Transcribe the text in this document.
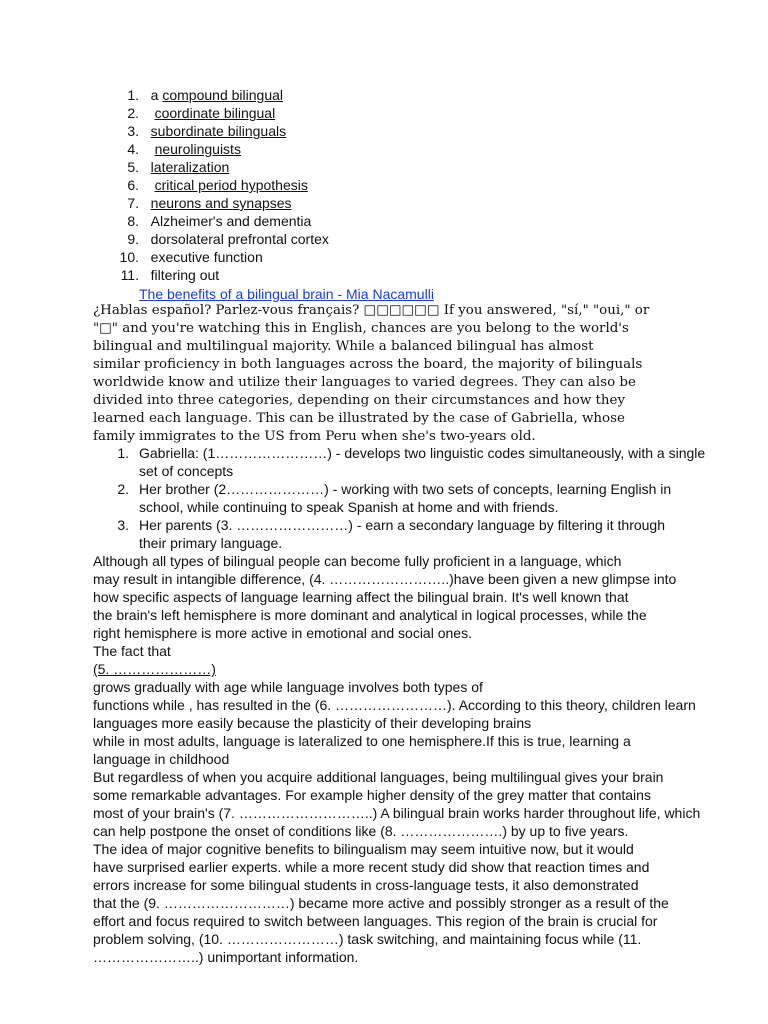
1. a compound bilingual
2. coordinate bilingual
3. subordinate bilinguals
4. neurolinguists
5. lateralization
6. critical period hypothesis
7. neurons and synapses
8. Alzheimer's and dementia
9. dorsolateral prefrontal cortex
10. executive function
11. filtering out
The benefits of a bilingual brain - Mia Nacamulli

¿Hablas español? Parlez-vous français? □□□□□□ If you answered, "sí," "oui," or
"□" and you're watching this in English, chances are you belong to the world's
bilingual and multilingual majority. While a balanced bilingual has almost
similar proficiency in both languages across the board, the majority of bilinguals
worldwide know and utilize their languages to varied degrees. They can also be
divided into three categories, depending on their circumstances and how they
learned each language. This can be illustrated by the case of Gabriella, whose
family immigrates to the US from Peru when she's two-years old.

1. Gabriella: (1……………………) - develops two linguistic codes simultaneously, with a single
set of concepts
2. Her brother (2…………………) - working with two sets of concepts, learning English in
school, while continuing to speak Spanish at home and with friends.
3. Her parents (3. ……………………) - earn a secondary language by filtering it through
their primary language.

Although all types of bilingual people can become fully proficient in a language, which
may result in intangible difference, (4. ……………………..)have been given a new glimpse into
how specific aspects of language learning affect the bilingual brain. It's well known that
the brain's left hemisphere is more dominant and analytical in logical processes, while the
right hemisphere is more active in emotional and social ones.
The fact that
(5. …………………)
grows gradually with age while language involves both types of
functions while , has resulted in the (6. ……………………). According to this theory, children learn
languages more easily because the plasticity of their developing brains
while in most adults, language is lateralized to one hemisphere.If this is true, learning a
language in childhood
But regardless of when you acquire additional languages, being multilingual gives your brain
some remarkable advantages. For example higher density of the grey matter that contains
most of your brain's (7. ………………………..) A bilingual brain works harder throughout life, which
can help postpone the onset of conditions like (8. ………………….) by up to five years.
The idea of major cognitive benefits to bilingualism may seem intuitive now, but it would
have surprised earlier experts. while a more recent study did show that reaction times and
errors increase for some bilingual students in cross-language tests, it also demonstrated
that the (9. ………………………) became more active and possibly stronger as a result of the
effort and focus required to switch between languages. This region of the brain is crucial for
problem solving, (10. ……………………) task switching, and maintaining focus while (11.
…………………..) unimportant information.
